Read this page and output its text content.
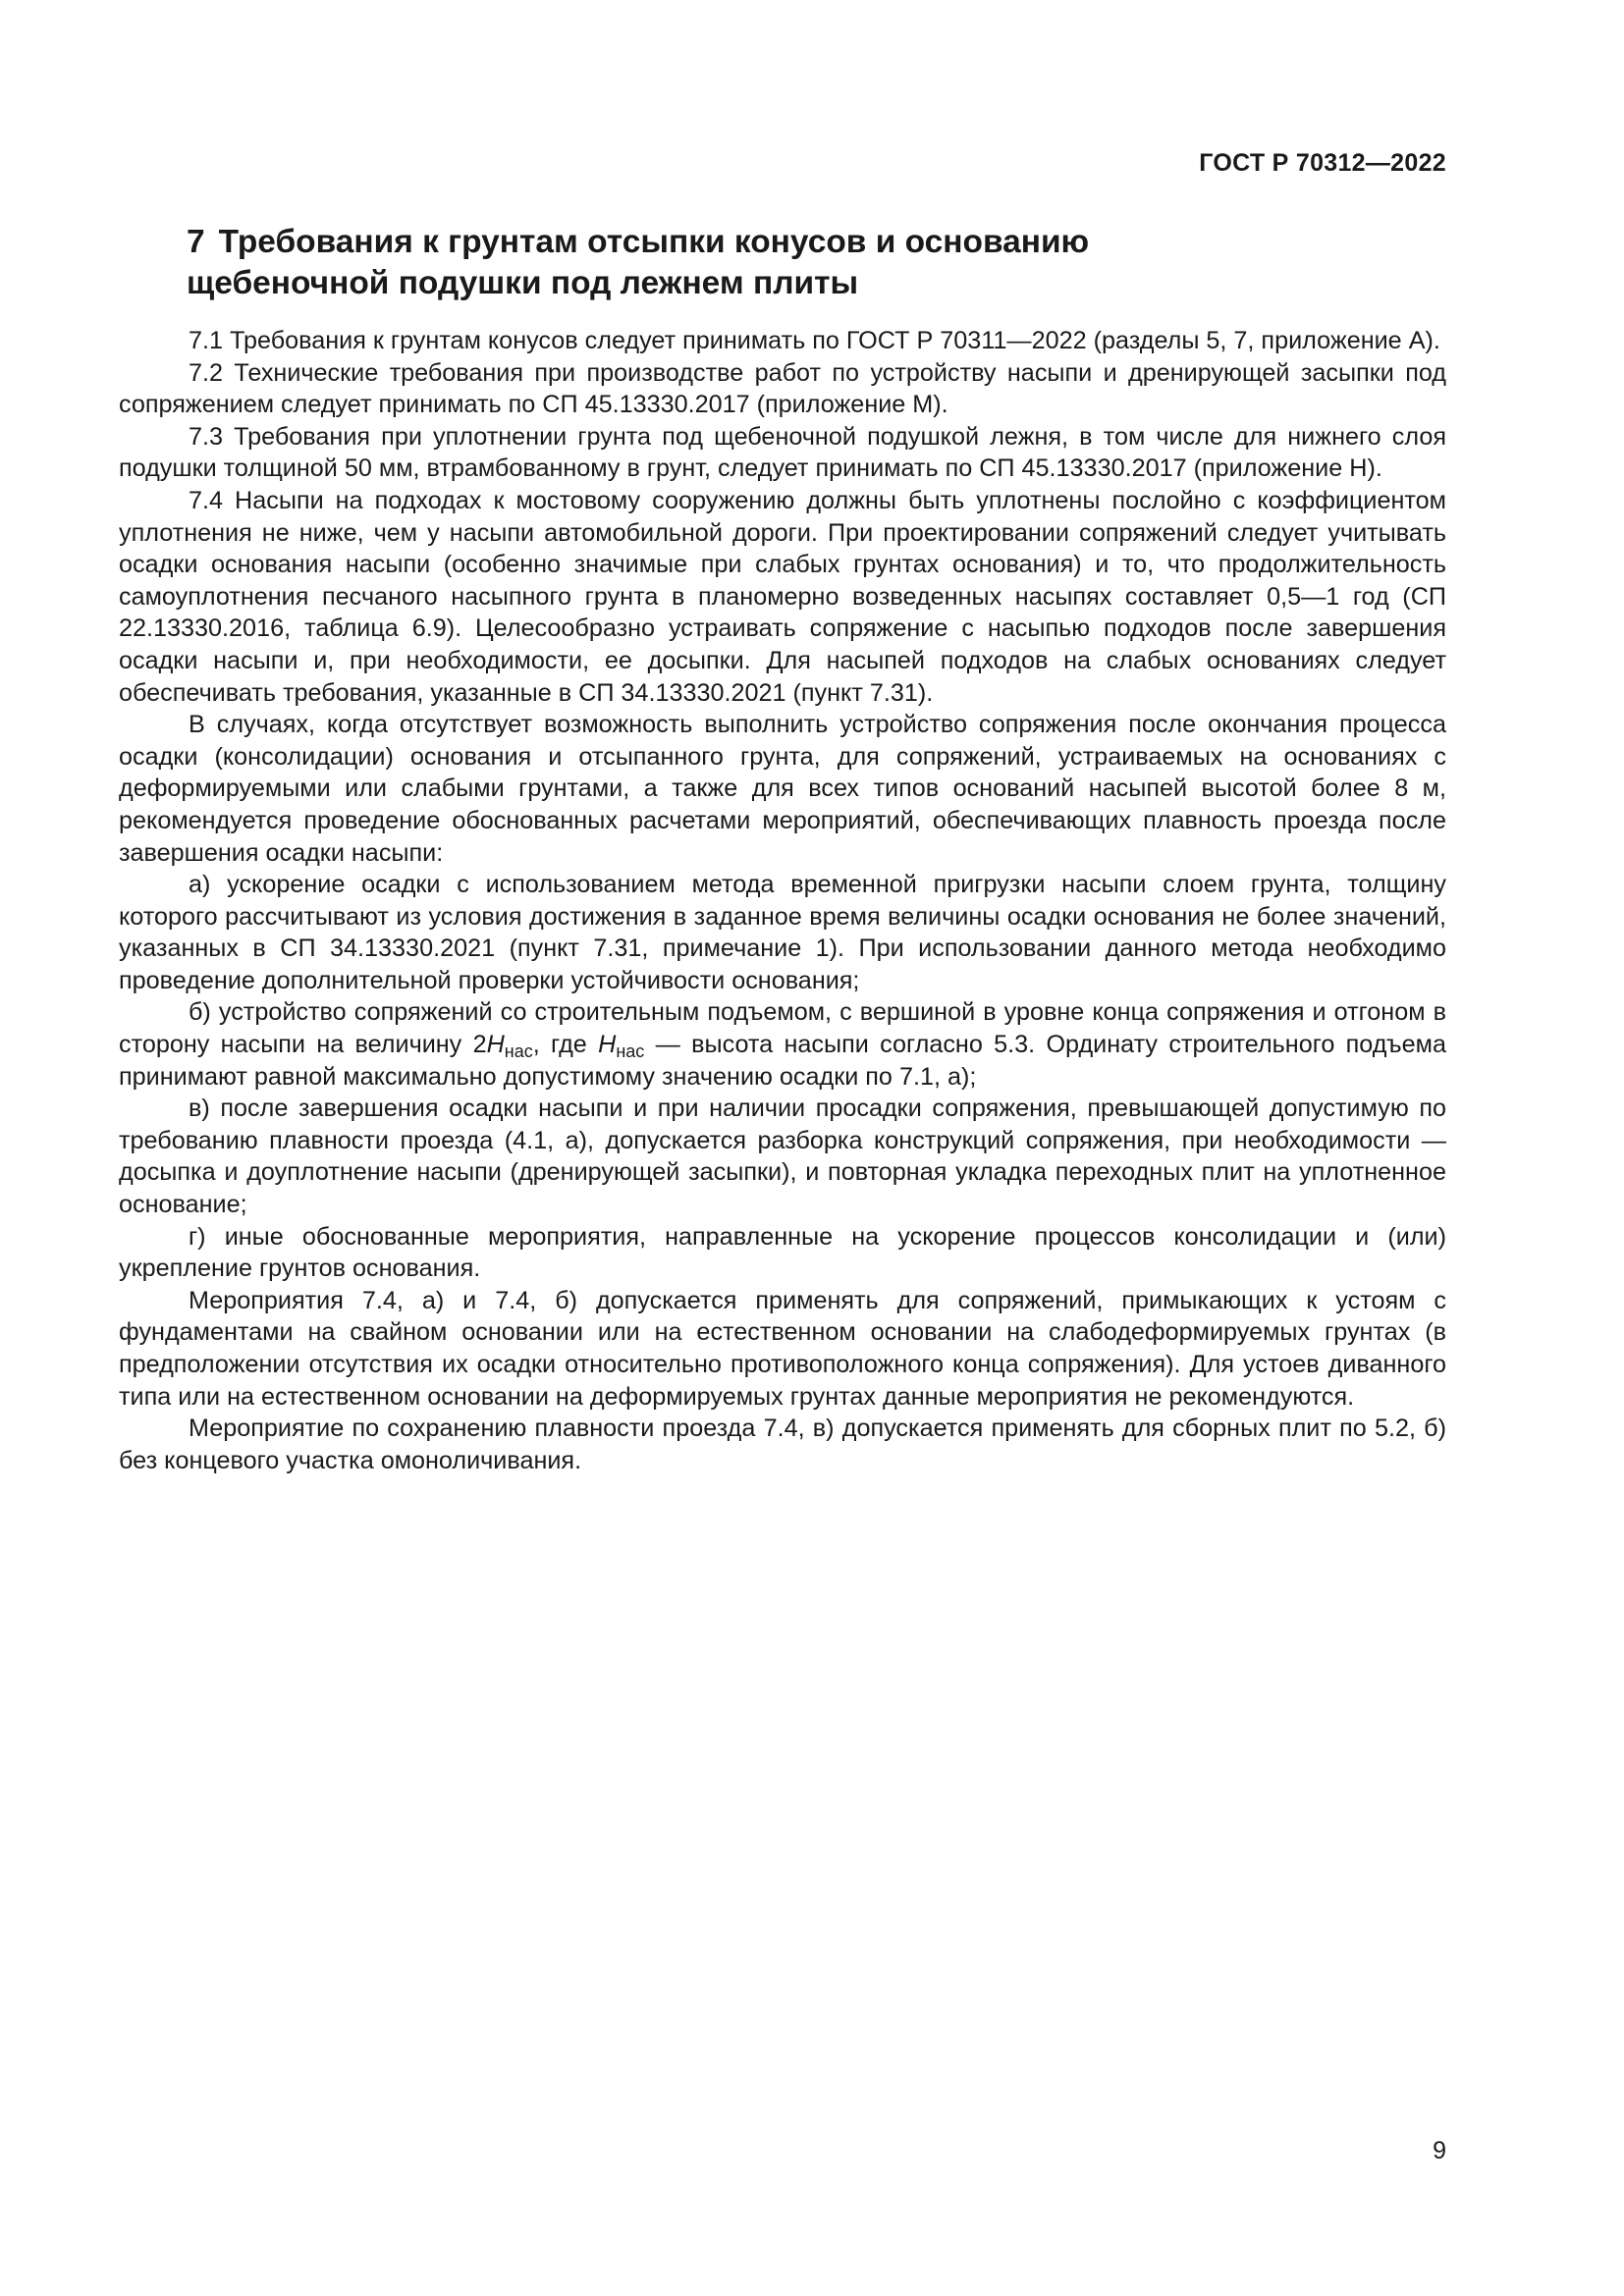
ГОСТ Р 70312—2022
7 Требования к грунтам отсыпки конусов и основанию
щебеночной подушки под лежнем плиты

7.1 Требования к грунтам конусов следует принимать по ГОСТ Р 70311—2022 (разделы 5, 7, приложение А).

7.2 Технические требования при производстве работ по устройству насыпи и дренирующей засыпки под сопряжением следует принимать по СП 45.13330.2017 (приложение М).

7.3 Требования при уплотнении грунта под щебеночной подушкой лежня, в том числе для нижнего слоя подушки толщиной 50 мм, втрамбованному в грунт, следует принимать по СП 45.13330.2017 (приложение Н).

7.4 Насыпи на подходах к мостовому сооружению должны быть уплотнены послойно с коэффициентом уплотнения не ниже, чем у насыпи автомобильной дороги. При проектировании сопряжений следует учитывать осадки основания насыпи (особенно значимые при слабых грунтах основания) и то, что продолжительность самоуплотнения песчаного насыпного грунта в планомерно возведенных насыпях составляет 0,5—1 год (СП 22.13330.2016, таблица 6.9). Целесообразно устраивать сопряжение с насыпью подходов после завершения осадки насыпи и, при необходимости, ее досыпки. Для насыпей подходов на слабых основаниях следует обеспечивать требования, указанные в СП 34.13330.2021 (пункт 7.31).

В случаях, когда отсутствует возможность выполнить устройство сопряжения после окончания процесса осадки (консолидации) основания и отсыпанного грунта, для сопряжений, устраиваемых на основаниях с деформируемыми или слабыми грунтами, а также для всех типов оснований насыпей высотой более 8 м, рекомендуется проведение обоснованных расчетами мероприятий, обеспечивающих плавность проезда после завершения осадки насыпи:

а) ускорение осадки с использованием метода временной пригрузки насыпи слоем грунта, толщину которого рассчитывают из условия достижения в заданное время величины осадки основания не более значений, указанных в СП 34.13330.2021 (пункт 7.31, примечание 1). При использовании данного метода необходимо проведение дополнительной проверки устойчивости основания;

б) устройство сопряжений со строительным подъемом, с вершиной в уровне конца сопряжения и отгоном в сторону насыпи на величину $2H_{нас}$, где $H_{нас}$ — высота насыпи согласно 5.3. Ординату строительного подъема принимают равной максимально допустимому значению осадки по 7.1, а);

в) после завершения осадки насыпи и при наличии просадки сопряжения, превышающей допустимую по требованию плавности проезда (4.1, а), допускается разборка конструкций сопряжения, при необходимости — досыпка и доуплотнение насыпи (дренирующей засыпки), и повторная укладка переходных плит на уплотненное основание;

г) иные обоснованные мероприятия, направленные на ускорение процессов консолидации и (или) укрепление грунтов основания.

Мероприятия 7.4, а) и 7.4, б) допускается применять для сопряжений, примыкающих к устоям с фундаментами на свайном основании или на естественном основании на слабодеформируемых грунтах (в предположении отсутствия их осадки относительно противоположного конца сопряжения). Для устоев диванного типа или на естественном основании на деформируемых грунтах данные мероприятия не рекомендуются.

Мероприятие по сохранению плавности проезда 7.4, в) допускается применять для сборных плит по 5.2, б) без концевого участка омоноличивания.

9
